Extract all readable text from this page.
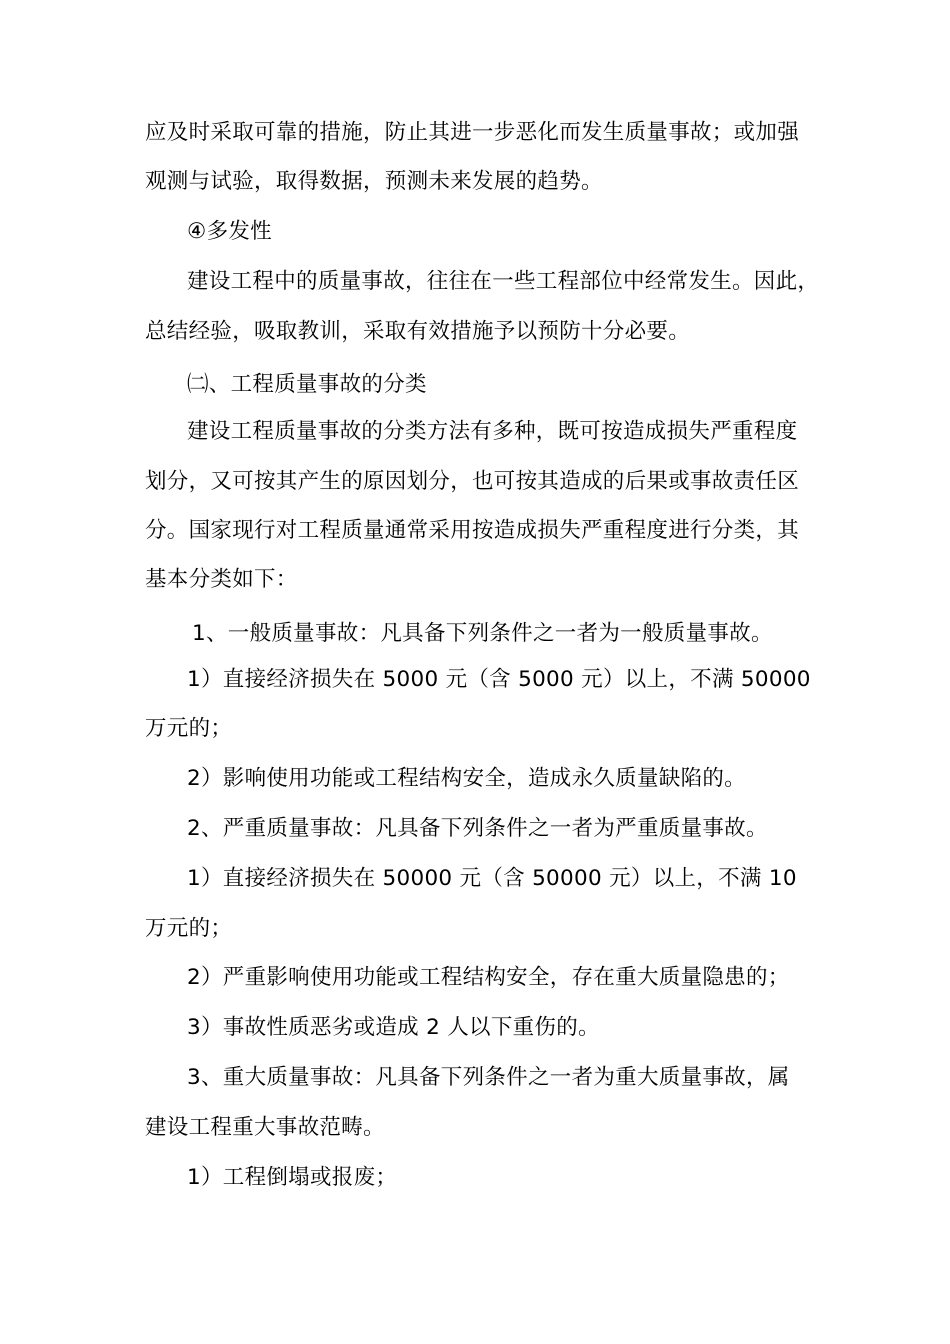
应及时采取可靠的措施，防止其进一步恶化而发生质量事故；或加强
观测与试验，取得数据，预测未来发展的趋势。
④多发性
建设工程中的质量事故，往往在一些工程部位中经常发生。因此，
总结经验，吸取教训，采取有效措施予以预防十分必要。
㈡、工程质量事故的分类
建设工程质量事故的分类方法有多种，既可按造成损失严重程度
划分，又可按其产生的原因划分，也可按其造成的后果或事故责任区
分。国家现行对工程质量通常采用按造成损失严重程度进行分类，其
基本分类如下：
1、一般质量事故：凡具备下列条件之一者为一般质量事故。
1）直接经济损失在 5000 元（含 5000 元）以上，不满 50000
万元的；
2）影响使用功能或工程结构安全，造成永久质量缺陷的。
2、严重质量事故：凡具备下列条件之一者为严重质量事故。
1）直接经济损失在 50000 元（含 50000 元）以上，不满 10
万元的；
2）严重影响使用功能或工程结构安全，存在重大质量隐患的；
3）事故性质恶劣或造成 2 人以下重伤的。
3、重大质量事故：凡具备下列条件之一者为重大质量事故，属
建设工程重大事故范畴。
1）工程倒塌或报废；
